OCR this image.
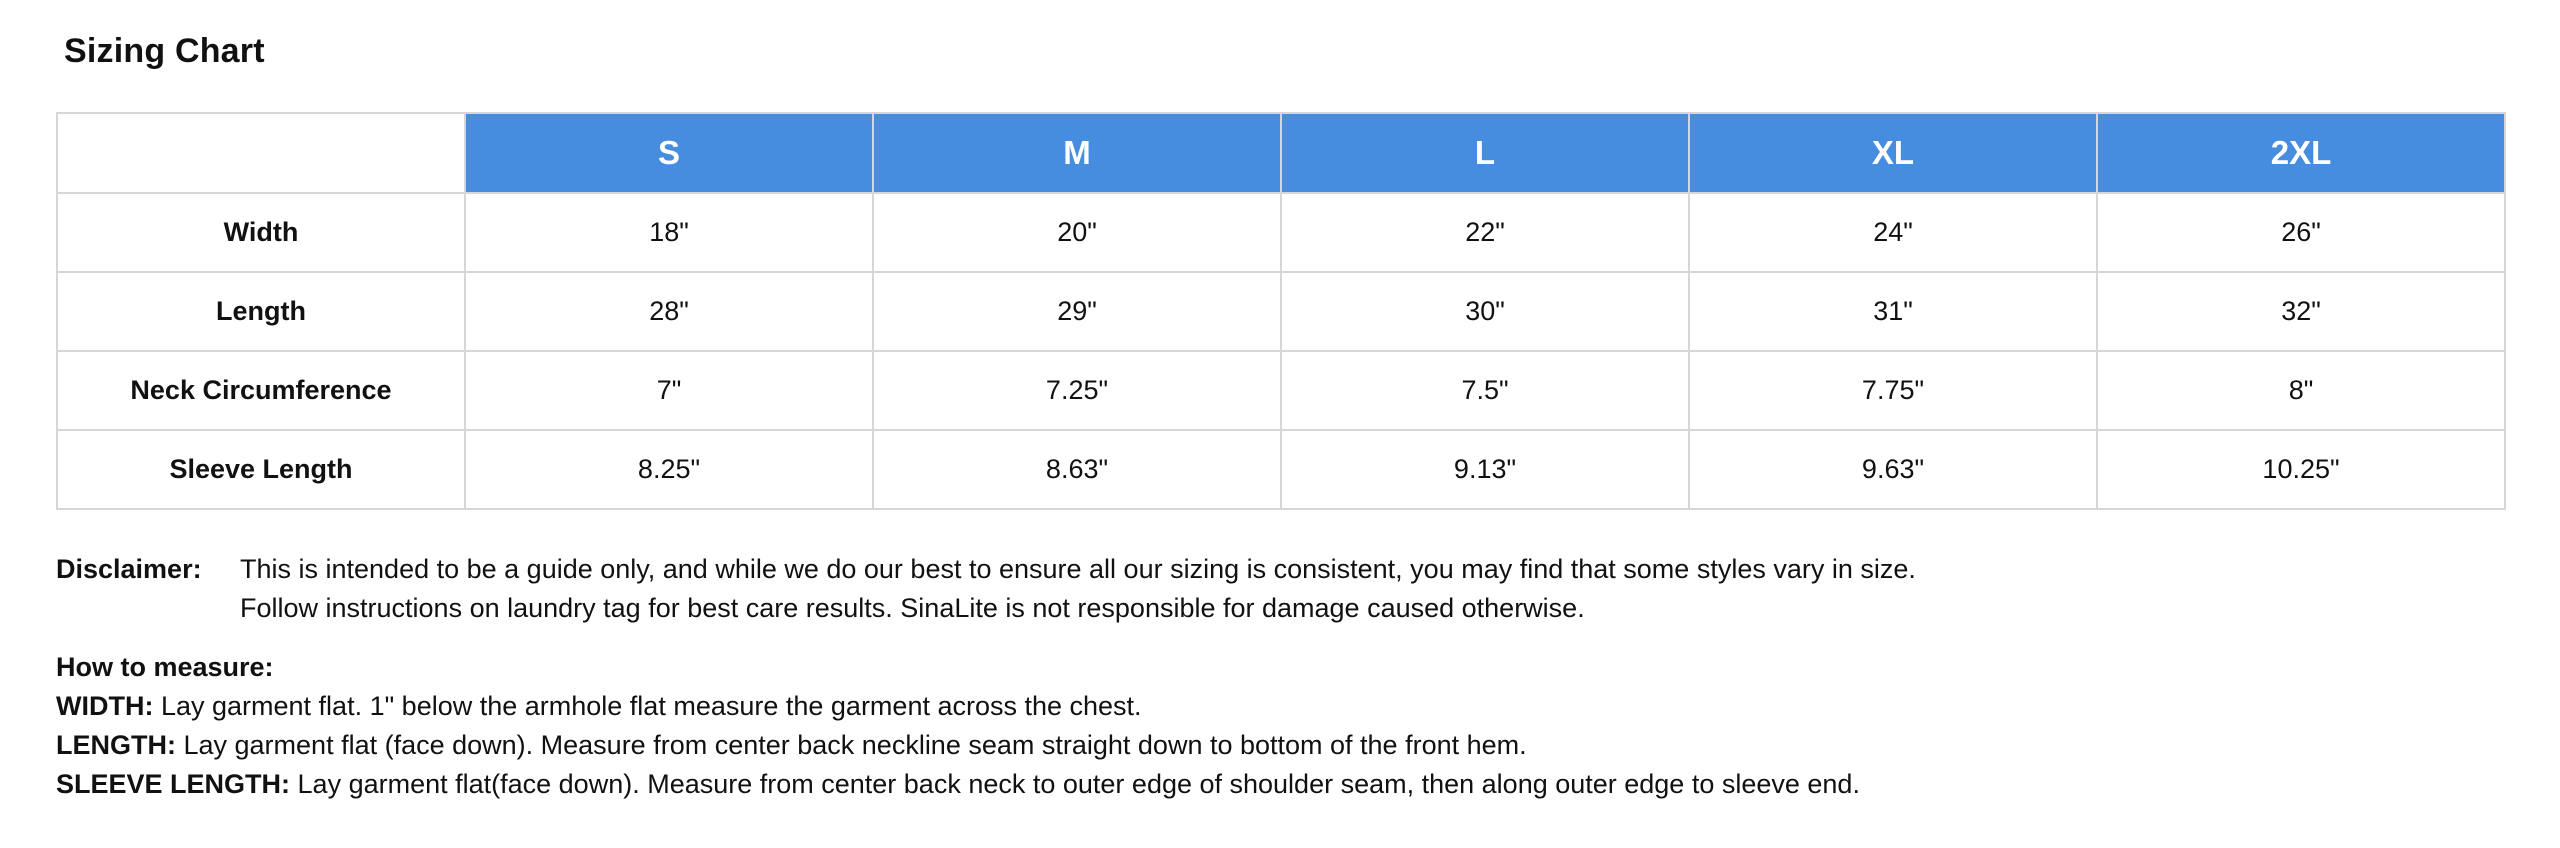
Sizing Chart
	S	M	L	XL	2XL
Width	18"	20"	22"	24"	26"
Length	28"	29"	30"	31"	32"
Neck Circumference	7"	7.25"	7.5"	7.75"	8"
Sleeve Length	8.25"	8.63"	9.13"	9.63"	10.25"
Disclaimer: This is intended to be a guide only, and while we do our best to ensure all our sizing is consistent, you may find that some styles vary in size.
Follow instructions on laundry tag for best care results. SinaLite is not responsible for damage caused otherwise.
How to measure:
WIDTH: Lay garment flat. 1" below the armhole flat measure the garment across the chest.
LENGTH: Lay garment flat (face down). Measure from center back neckline seam straight down to bottom of the front hem.
SLEEVE LENGTH: Lay garment flat(face down). Measure from center back neck to outer edge of shoulder seam, then along outer edge to sleeve end.
